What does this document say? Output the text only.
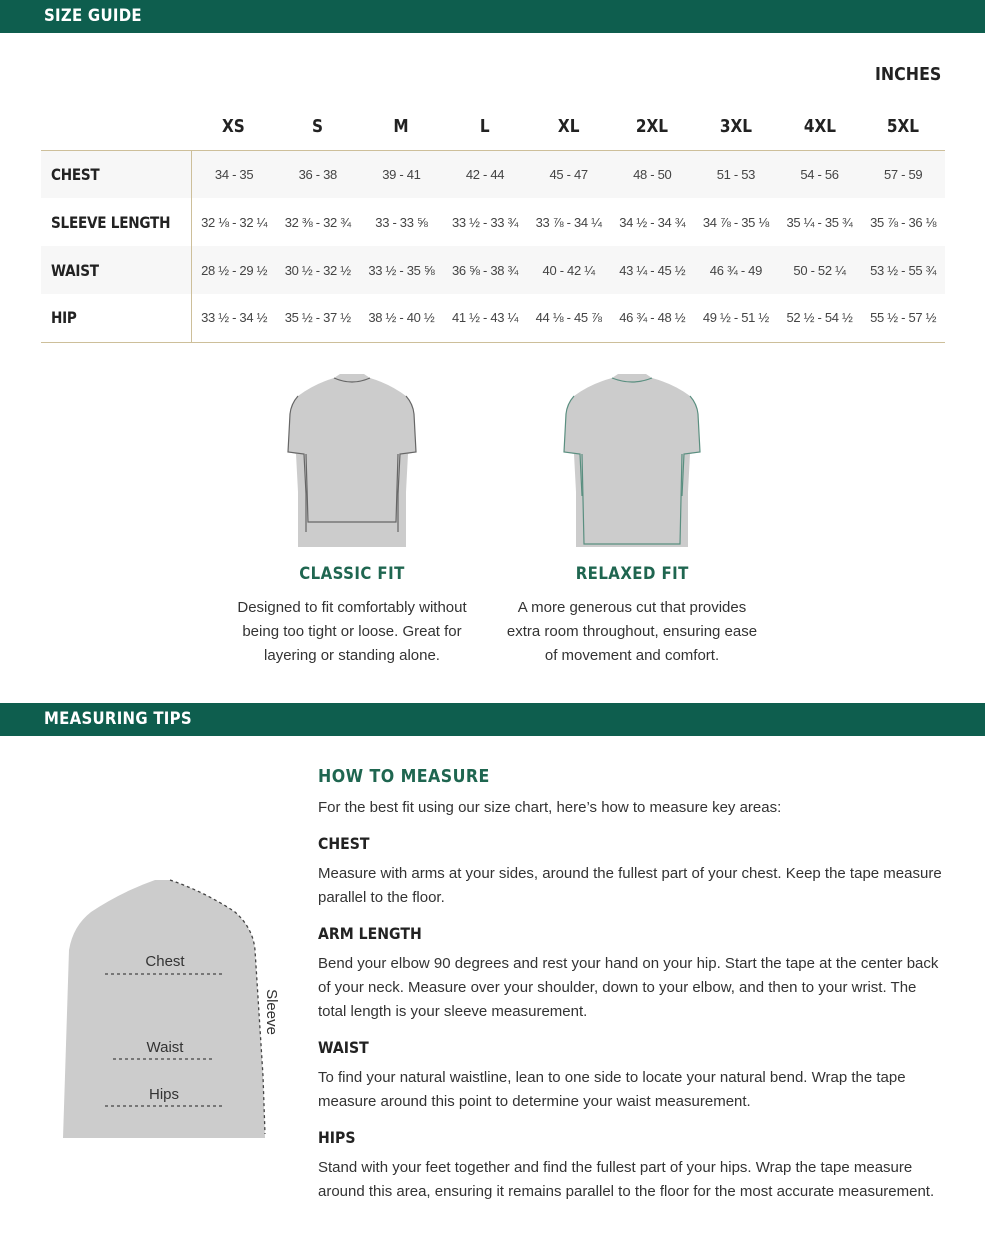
SIZE GUIDE
INCHES
	XS	S	M	L	XL	2XL	3XL	4XL	5XL
CHEST	34 - 35	36 - 38	39 - 41	42 - 44	45 - 47	48 - 50	51 - 53	54 - 56	57 - 59
SLEEVE LENGTH	32 ⅛ - 32 ¼	32 ⅜ - 32 ¾	33 - 33 ⅝	33 ½ - 33 ¾	33 ⅞ - 34 ¼	34 ½ - 34 ¾	34 ⅞ - 35 ⅛	35 ¼ - 35 ¾	35 ⅞ - 36 ⅛
WAIST	28 ½ - 29 ½	30 ½ - 32 ½	33 ½ - 35 ⅝	36 ⅝ - 38 ¾	40 - 42 ¼	43 ¼ - 45 ½	46 ¾ - 49	50 - 52 ¼	53 ½ - 55 ¾
HIP	33 ½ - 34 ½	35 ½ - 37 ½	38 ½ - 40 ½	41 ½ - 43 ¼	44 ⅛ - 45 ⅞	46 ¾ - 48 ½	49 ½ - 51 ½	52 ½ - 54 ½	55 ½ - 57 ½
CLASSIC FIT
Designed to fit comfortably without being too tight or loose. Great for layering or standing alone.
RELAXED FIT
A more generous cut that provides extra room throughout, ensuring ease of movement and comfort.
MEASURING TIPS
Chest
Waist
Hips
Sleeve
HOW TO MEASURE
For the best fit using our size chart, here’s how to measure key areas:
CHEST
Measure with arms at your sides, around the fullest part of your chest. Keep the tape measure parallel to the floor.
ARM LENGTH
Bend your elbow 90 degrees and rest your hand on your hip. Start the tape at the center back of your neck. Measure over your shoulder, down to your elbow, and then to your wrist. The total length is your sleeve measurement.
WAIST
To find your natural waistline, lean to one side to locate your natural bend. Wrap the tape measure around this point to determine your waist measurement.
HIPS
Stand with your feet together and find the fullest part of your hips. Wrap the tape measure around this area, ensuring it remains parallel to the floor for the most accurate measurement.
